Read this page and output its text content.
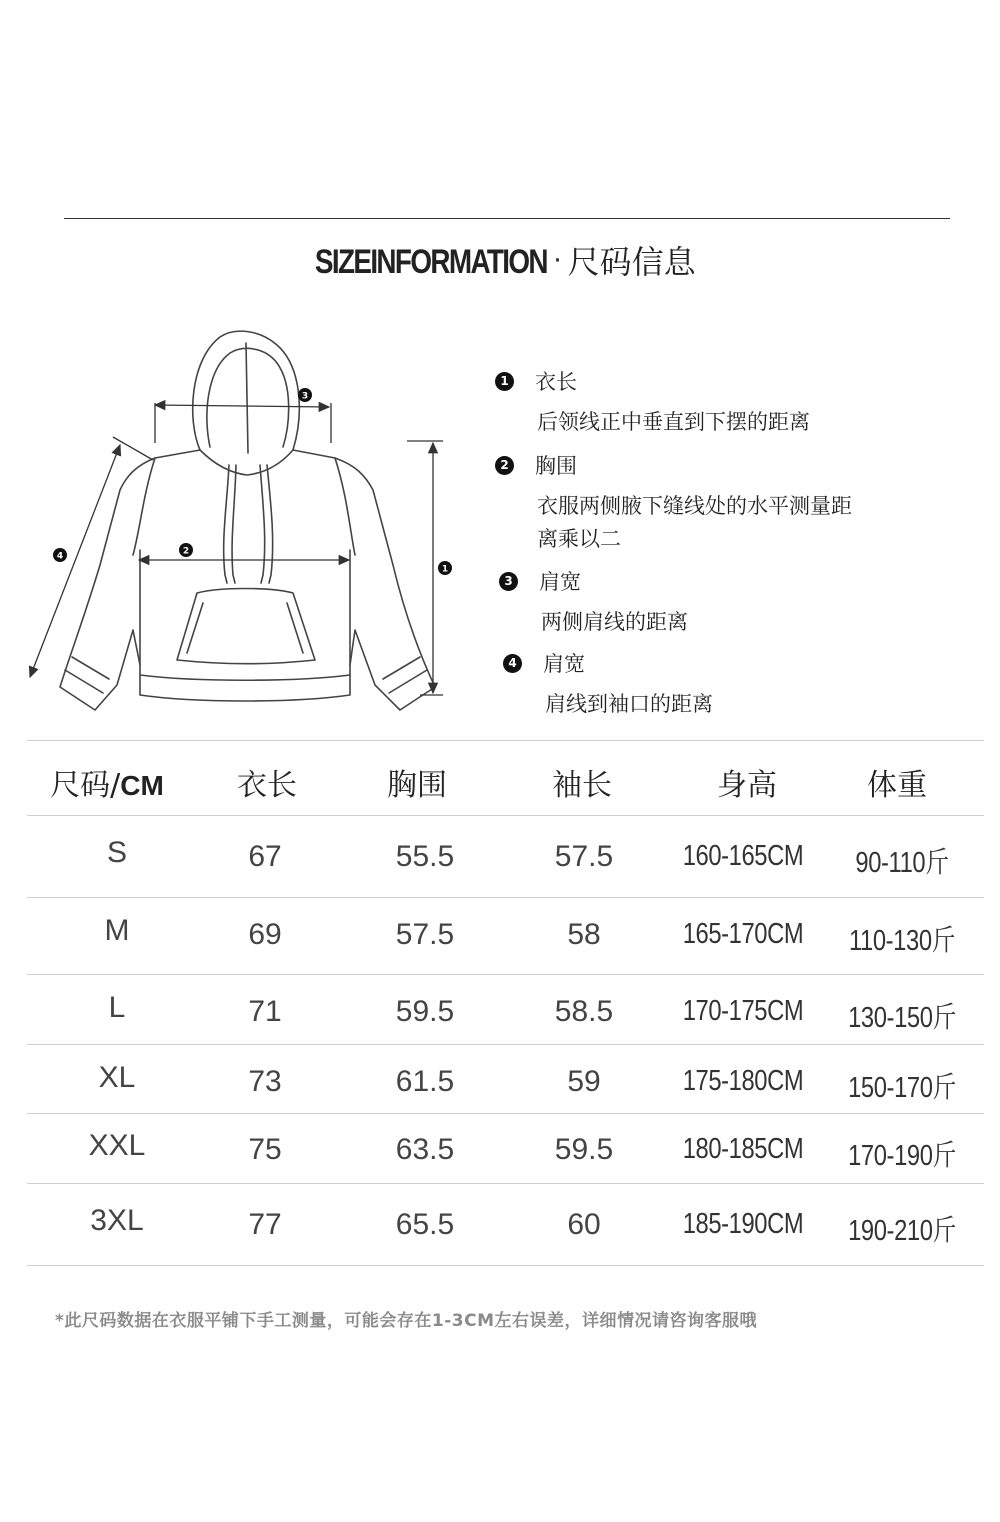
SIZEINFORMATION · 尺码信息
3
2
1
4
1 衣长
后领线正中垂直到下摆的距离
2 胸围
衣服两侧腋下缝线处的水平测量距离乘以二
3 肩宽
两侧肩线的距离
4 肩宽
肩线到袖口的距离
尺码/CM 衣长	胸围	袖长	身高	体重
S	67	55.5	57.5	160-165CM	90-110斤
M	69	57.5	58	165-170CM	110-130斤
L	71	59.5	58.5	170-175CM	130-150斤
XL	73	61.5	59	175-180CM	150-170斤
XXL	75	63.5	59.5	180-185CM	170-190斤
3XL	77	65.5	60	185-190CM	190-210斤
*此尺码数据在衣服平铺下手工测量，可能会存在1-3CM左右误差，详细情况请咨询客服哦
